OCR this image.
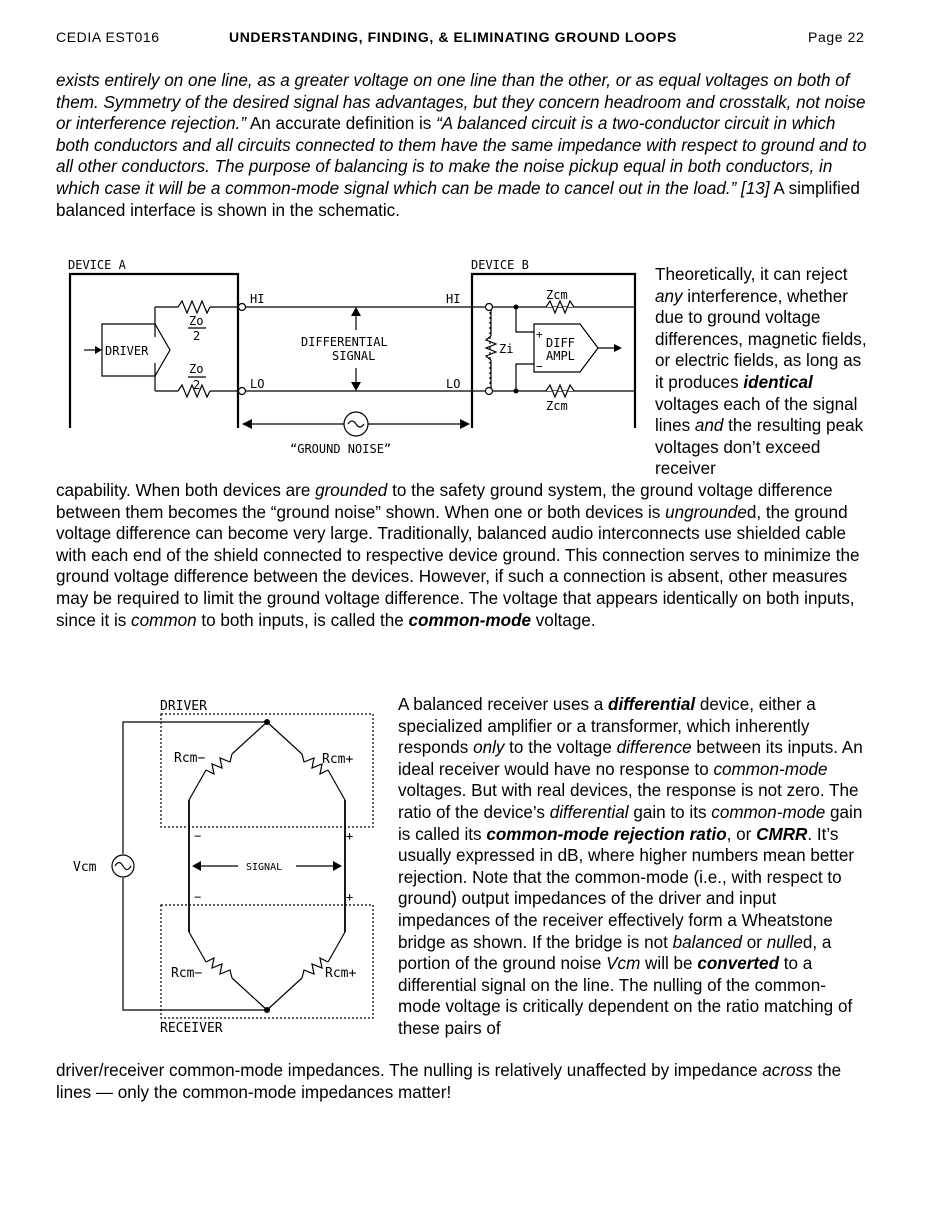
CEDIA EST016	UNDERSTANDING, FINDING, & ELIMINATING GROUND LOOPS	Page 22

exists entirely on one line, as a greater voltage on one line than the other, or as equal voltages on both of them. Symmetry of the desired signal has advantages, but they concern headroom and crosstalk, not noise or interference rejection.” An accurate definition is “A balanced circuit is a two-conductor circuit in which both conductors and all circuits connected to them have the same impedance with respect to ground and to all other conductors. The purpose of balancing is to make the noise pickup equal in both conductors, in which case it will be a common-mode signal which can be made to cancel out in the load.” [13] A simplified balanced interface is shown in the schematic.

DEVICE A	DEVICE B
DRIVER
Zo
2
Zo
2
HI
LO
HI
LO
DIFFERENTIAL
SIGNAL	Zi
Zcm
Zcm
DIFF
AMPL
+
−
“GROUND NOISE”

Theoretically, it can reject any interference, whether due to ground voltage differences, magnetic fields, or electric fields, as long as it produces identical voltages each of the signal lines and the resulting peak voltages don’t exceed receiver

capability. When both devices are grounded to the safety ground system, the ground voltage difference between them becomes the “ground noise” shown. When one or both devices is ungrounded, the ground voltage difference can become very large. Traditionally, balanced audio interconnects use shielded cable with each end of the shield connected to respective device ground. This connection serves to minimize the ground voltage difference between the devices. However, if such a connection is absent, other measures may be required to limit the ground voltage difference. The voltage that appears identically on both inputs, since it is common to both inputs, is called the common-mode voltage.

DRIVER
RECEIVER
Rcm−	Rcm+
Rcm−	Rcm+
Vcm	SIGNAL
−	+
−	+

A balanced receiver uses a differential device, either a specialized amplifier or a transformer, which inherently responds only to the voltage difference between its inputs. An ideal receiver would have no response to common-mode voltages. But with real devices, the response is not zero. The ratio of the device’s differential gain to its common-mode gain is called its common-mode rejection ratio, or CMRR. It’s usually expressed in dB, where higher numbers mean better rejection. Note that the common-mode (i.e., with respect to ground) output impedances of the driver and input impedances of the receiver effectively form a Wheatstone bridge as shown. If the bridge is not balanced or nulled, a portion of the ground noise Vcm will be converted to a differential signal on the line. The nulling of the common-mode voltage is critically dependent on the ratio matching of these pairs of

driver/receiver common-mode impedances. The nulling is relatively unaffected by impedance across the lines — only the common-mode impedances matter!
